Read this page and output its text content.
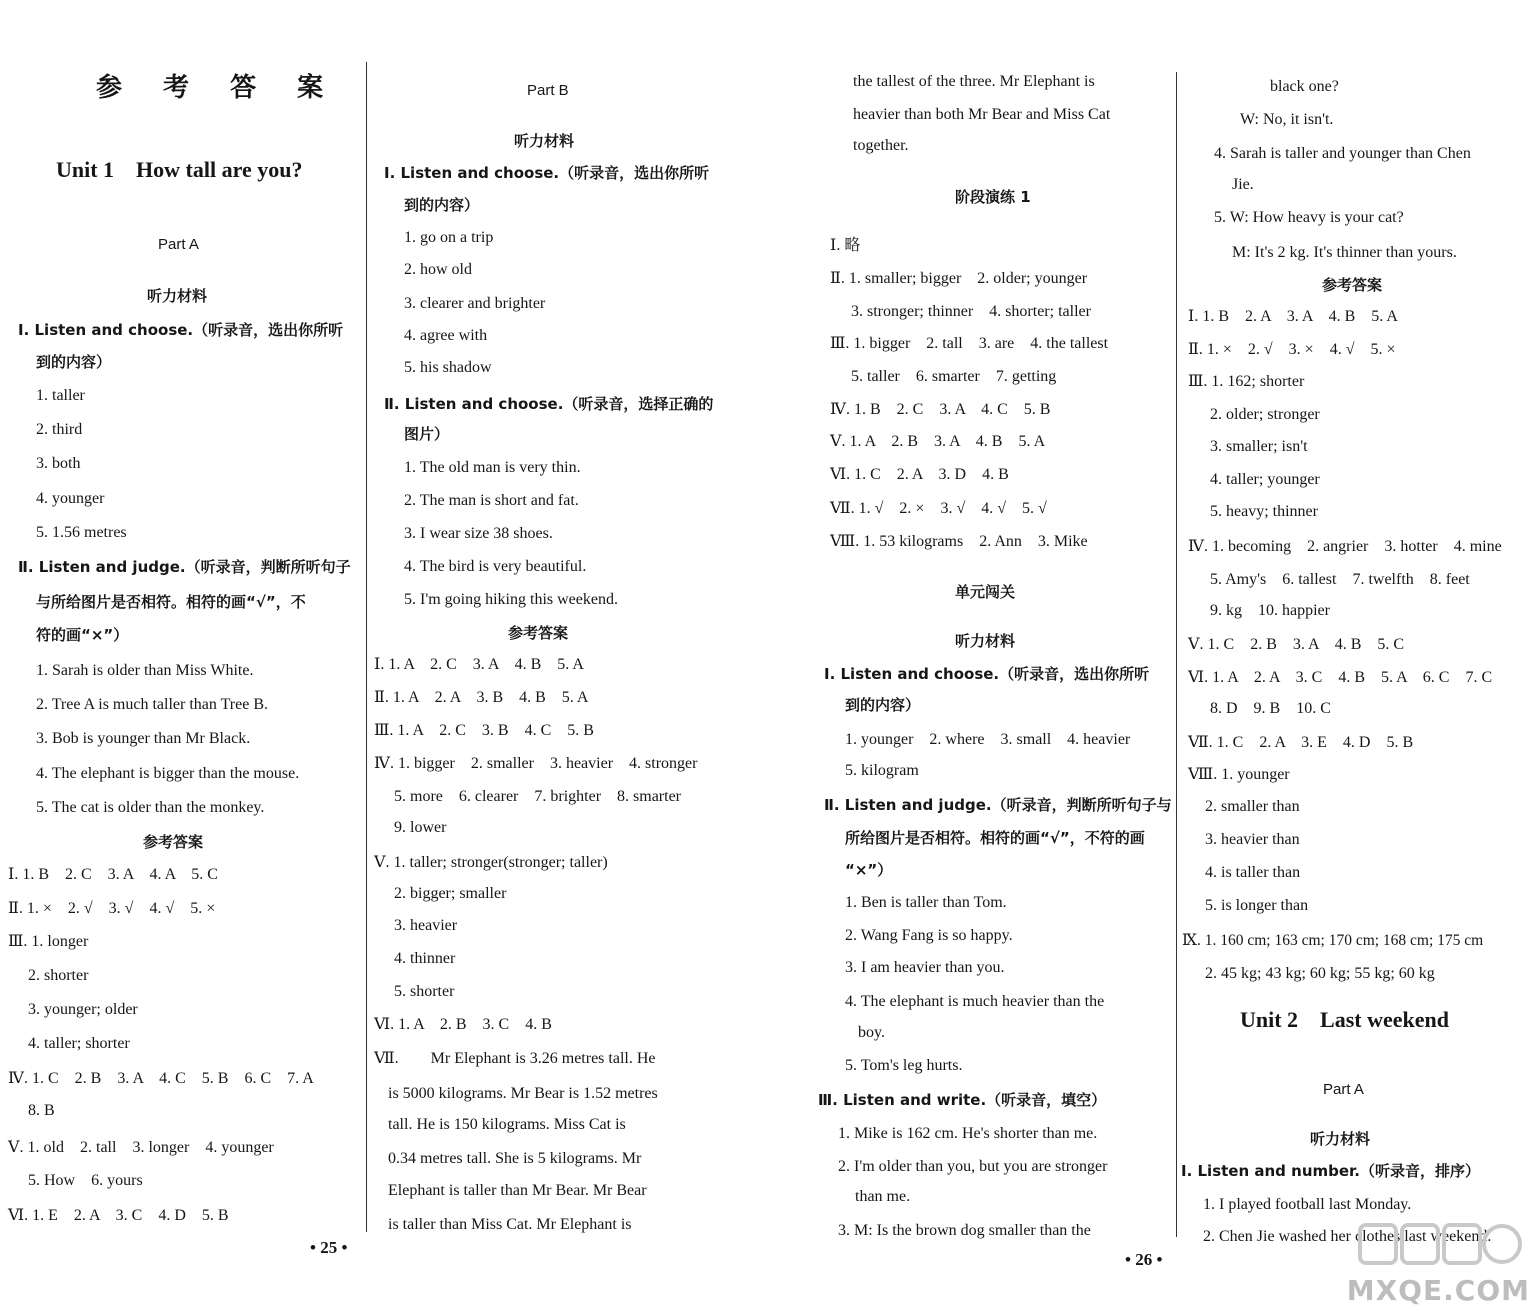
参 考 答 案
Unit 1　How tall are you?
Part A
听力材料
Ⅰ. Listen and choose.（听录音，选出你所听
到的内容）
1. taller
2. third
3. both
4. younger
5. 1.56 metres
Ⅱ. Listen and judge.（听录音，判断所听句子
与所给图片是否相符。相符的画“√”，不
符的画“×”）
1. Sarah is older than Miss White.
2. Tree A is much taller than Tree B.
3. Bob is younger than Mr Black.
4. The elephant is bigger than the mouse.
5. The cat is older than the monkey.
参考答案
Ⅰ. 1. B　2. C　3. A　4. A　5. C
Ⅱ. 1. ×　2. √　3. √　4. √　5. ×
Ⅲ. 1. longer
2. shorter
3. younger; older
4. taller; shorter
Ⅳ. 1. C　2. B　3. A　4. C　5. B　6. C　7. A
8. B
Ⅴ. 1. old　2. tall　3. longer　4. younger
5. How　6. yours
Ⅵ. 1. E　2. A　3. C　4. D　5. B
Part B
听力材料
Ⅰ. Listen and choose.（听录音，选出你所听
到的内容）
1. go on a trip
2. how old
3. clearer and brighter
4. agree with
5. his shadow
Ⅱ. Listen and choose.（听录音，选择正确的
图片）
1. The old man is very thin.
2. The man is short and fat.
3. I wear size 38 shoes.
4. The bird is very beautiful.
5. I'm going hiking this weekend.
参考答案
Ⅰ. 1. A　2. C　3. A　4. B　5. A
Ⅱ. 1. A　2. A　3. B　4. B　5. A
Ⅲ. 1. A　2. C　3. B　4. C　5. B
Ⅳ. 1. bigger　2. smaller　3. heavier　4. stronger
5. more　6. clearer　7. brighter　8. smarter
9. lower
Ⅴ. 1. taller; stronger(stronger; taller)
2. bigger; smaller
3. heavier
4. thinner
5. shorter
Ⅵ. 1. A　2. B　3. C　4. B
Ⅶ.　　Mr Elephant is 3.26 metres tall. He
is 5000 kilograms. Mr Bear is 1.52 metres
tall. He is 150 kilograms. Miss Cat is
0.34 metres tall. She is 5 kilograms. Mr
Elephant is taller than Mr Bear. Mr Bear
is taller than Miss Cat. Mr Elephant is
• 25 •
the tallest of the three. Mr Elephant is
heavier than both Mr Bear and Miss Cat
together.
阶段演练 1
Ⅰ. 略
Ⅱ. 1. smaller; bigger　2. older; younger
3. stronger; thinner　4. shorter; taller
Ⅲ. 1. bigger　2. tall　3. are　4. the tallest
5. taller　6. smarter　7. getting
Ⅳ. 1. B　2. C　3. A　4. C　5. B
Ⅴ. 1. A　2. B　3. A　4. B　5. A
Ⅵ. 1. C　2. A　3. D　4. B
Ⅶ. 1. √　2. ×　3. √　4. √　5. √
Ⅷ. 1. 53 kilograms　2. Ann　3. Mike
单元闯关
听力材料
Ⅰ. Listen and choose.（听录音，选出你所听
到的内容）
1. younger　2. where　3. small　4. heavier
5. kilogram
Ⅱ. Listen and judge.（听录音，判断所听句子与
所给图片是否相符。相符的画“√”，不符的画
“×”）
1. Ben is taller than Tom.
2. Wang Fang is so happy.
3. I am heavier than you.
4. The elephant is much heavier than the
boy.
5. Tom's leg hurts.
Ⅲ. Listen and write.（听录音，填空）
1. Mike is 162 cm. He's shorter than me.
2. I'm older than you, but you are stronger
than me.
3. M: Is the brown dog smaller than the
black one?
W: No, it isn't.
4. Sarah is taller and younger than Chen
Jie.
5. W: How heavy is your cat?
M: It's 2 kg. It's thinner than yours.
参考答案
Ⅰ. 1. B　2. A　3. A　4. B　5. A
Ⅱ. 1. ×　2. √　3. ×　4. √　5. ×
Ⅲ. 1. 162; shorter
2. older; stronger
3. smaller; isn't
4. taller; younger
5. heavy; thinner
Ⅳ. 1. becoming　2. angrier　3. hotter　4. mine
5. Amy's　6. tallest　7. twelfth　8. feet
9. kg　10. happier
Ⅴ. 1. C　2. B　3. A　4. B　5. C
Ⅵ. 1. A　2. A　3. C　4. B　5. A　6. C　7. C
8. D　9. B　10. C
Ⅶ. 1. C　2. A　3. E　4. D　5. B
Ⅷ. 1. younger
2. smaller than
3. heavier than
4. is taller than
5. is longer than
Ⅸ. 1. 160 cm; 163 cm; 170 cm; 168 cm; 175 cm
2. 45 kg; 43 kg; 60 kg; 55 kg; 60 kg
Unit 2　Last weekend
Part A
听力材料
Ⅰ. Listen and number.（听录音，排序）
1. I played football last Monday.
2. Chen Jie washed her clothes last weekend.
• 26 •
MXQE.COM
